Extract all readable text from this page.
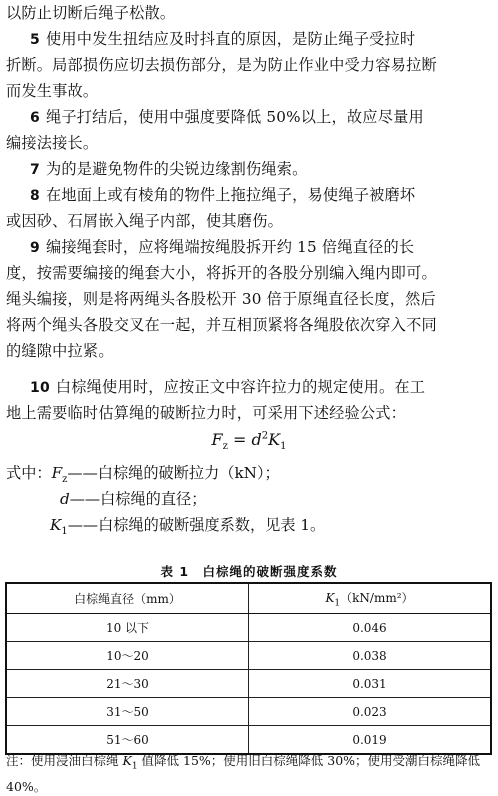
以防止切断后绳子松散。
5 使用中发生扭结应及时抖直的原因，是防止绳子受拉时
折断。局部损伤应切去损伤部分，是为防止作业中受力容易拉断
而发生事故。
6 绳子打结后，使用中强度要降低 50%以上，故应尽量用
编接法接长。
7 为的是避免物件的尖锐边缘割伤绳索。
8 在地面上或有棱角的物件上拖拉绳子，易使绳子被磨坏
或因砂、石屑嵌入绳子内部，使其磨伤。
9 编接绳套时，应将绳端按绳股拆开约 15 倍绳直径的长
度，按需要编接的绳套大小，将拆开的各股分别编入绳内即可。
绳头编接，则是将两绳头各股松开 30 倍于原绳直径长度，然后
将两个绳头各股交叉在一起，并互相顶紧将各绳股依次穿入不同
的缝隙中拉紧。
10 白棕绳使用时，应按正文中容许拉力的规定使用。在工
地上需要临时估算绳的破断拉力时，可采用下述经验公式：
$F_z = d^2K_1$
式中：$F_z——$白棕绳的破断拉力（kN）；
d——白棕绳的直径；
$K_1——$白棕绳的破断强度系数，见表 1。
表 1　白棕绳的破断强度系数
白棕绳直径（mm）	$K_1(kN/mm^2)$
10 以下	0.046
10～20	0.038
21～30	0.031
31～50	0.023
51～60	0.019
注：使用浸油白棕绳 $K_1$ 值降低 15%；使用旧白棕绳降低 30%；使用受潮白棕绳降低 40%。
